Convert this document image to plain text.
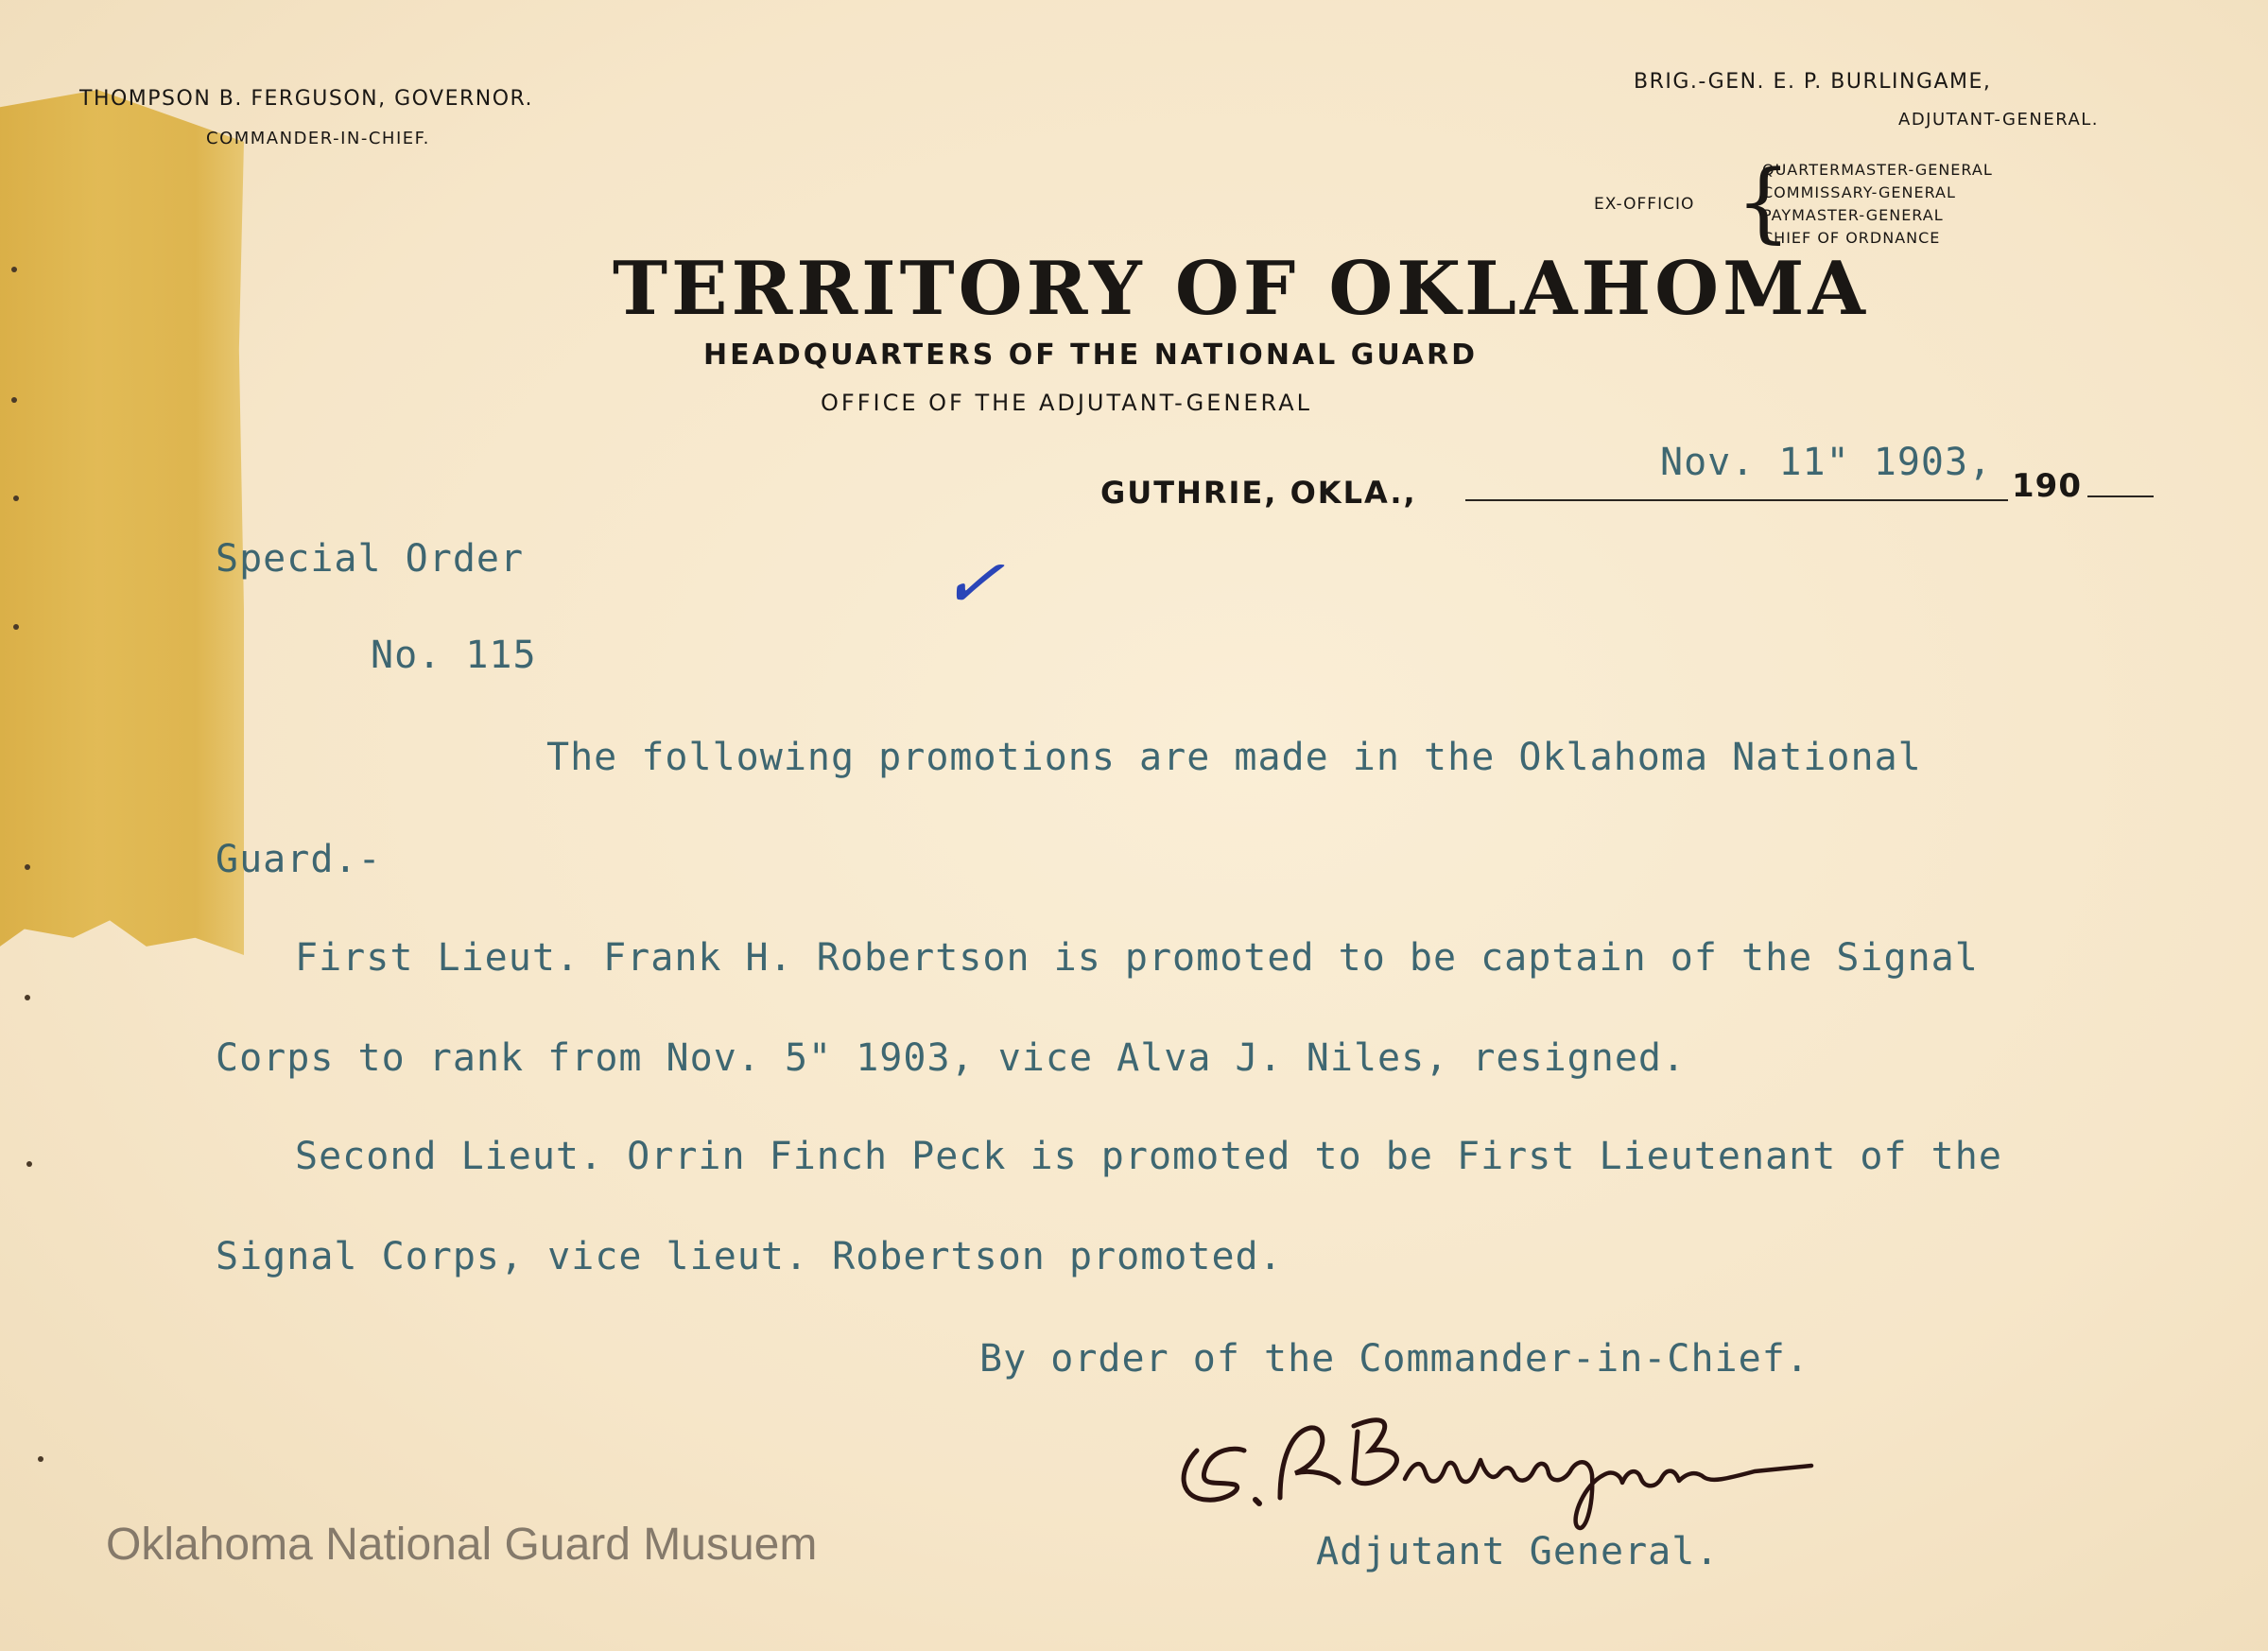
THOMPSON B. FERGUSON, GOVERNOR.
COMMANDER-IN-CHIEF.
BRIG.-GEN. E. P. BURLINGAME,
ADJUTANT-GENERAL.
EX-OFFICIO {
QUARTERMASTER-GENERAL
COMMISSARY-GENERAL
PAYMASTER-GENERAL
CHIEF OF ORDNANCE
TERRITORY OF OKLAHOMA
HEADQUARTERS OF THE NATIONAL GUARD
OFFICE OF THE ADJUTANT-GENERAL
GUTHRIE, OKLA.,	190
Nov. 11" 1903,
✓
Special Order
No. 115
The following promotions are made in the Oklahoma National
Guard.-
First Lieut. Frank H. Robertson is promoted to be captain of the Signal
Corps to rank from Nov. 5" 1903, vice Alva J. Niles, resigned.
Second Lieut. Orrin Finch Peck is promoted to be First Lieutenant of the
Signal Corps, vice lieut. Robertson promoted.
By order of the Commander-in-Chief.
E. P. Burlingame
Adjutant General.
Oklahoma National Guard Musuem
